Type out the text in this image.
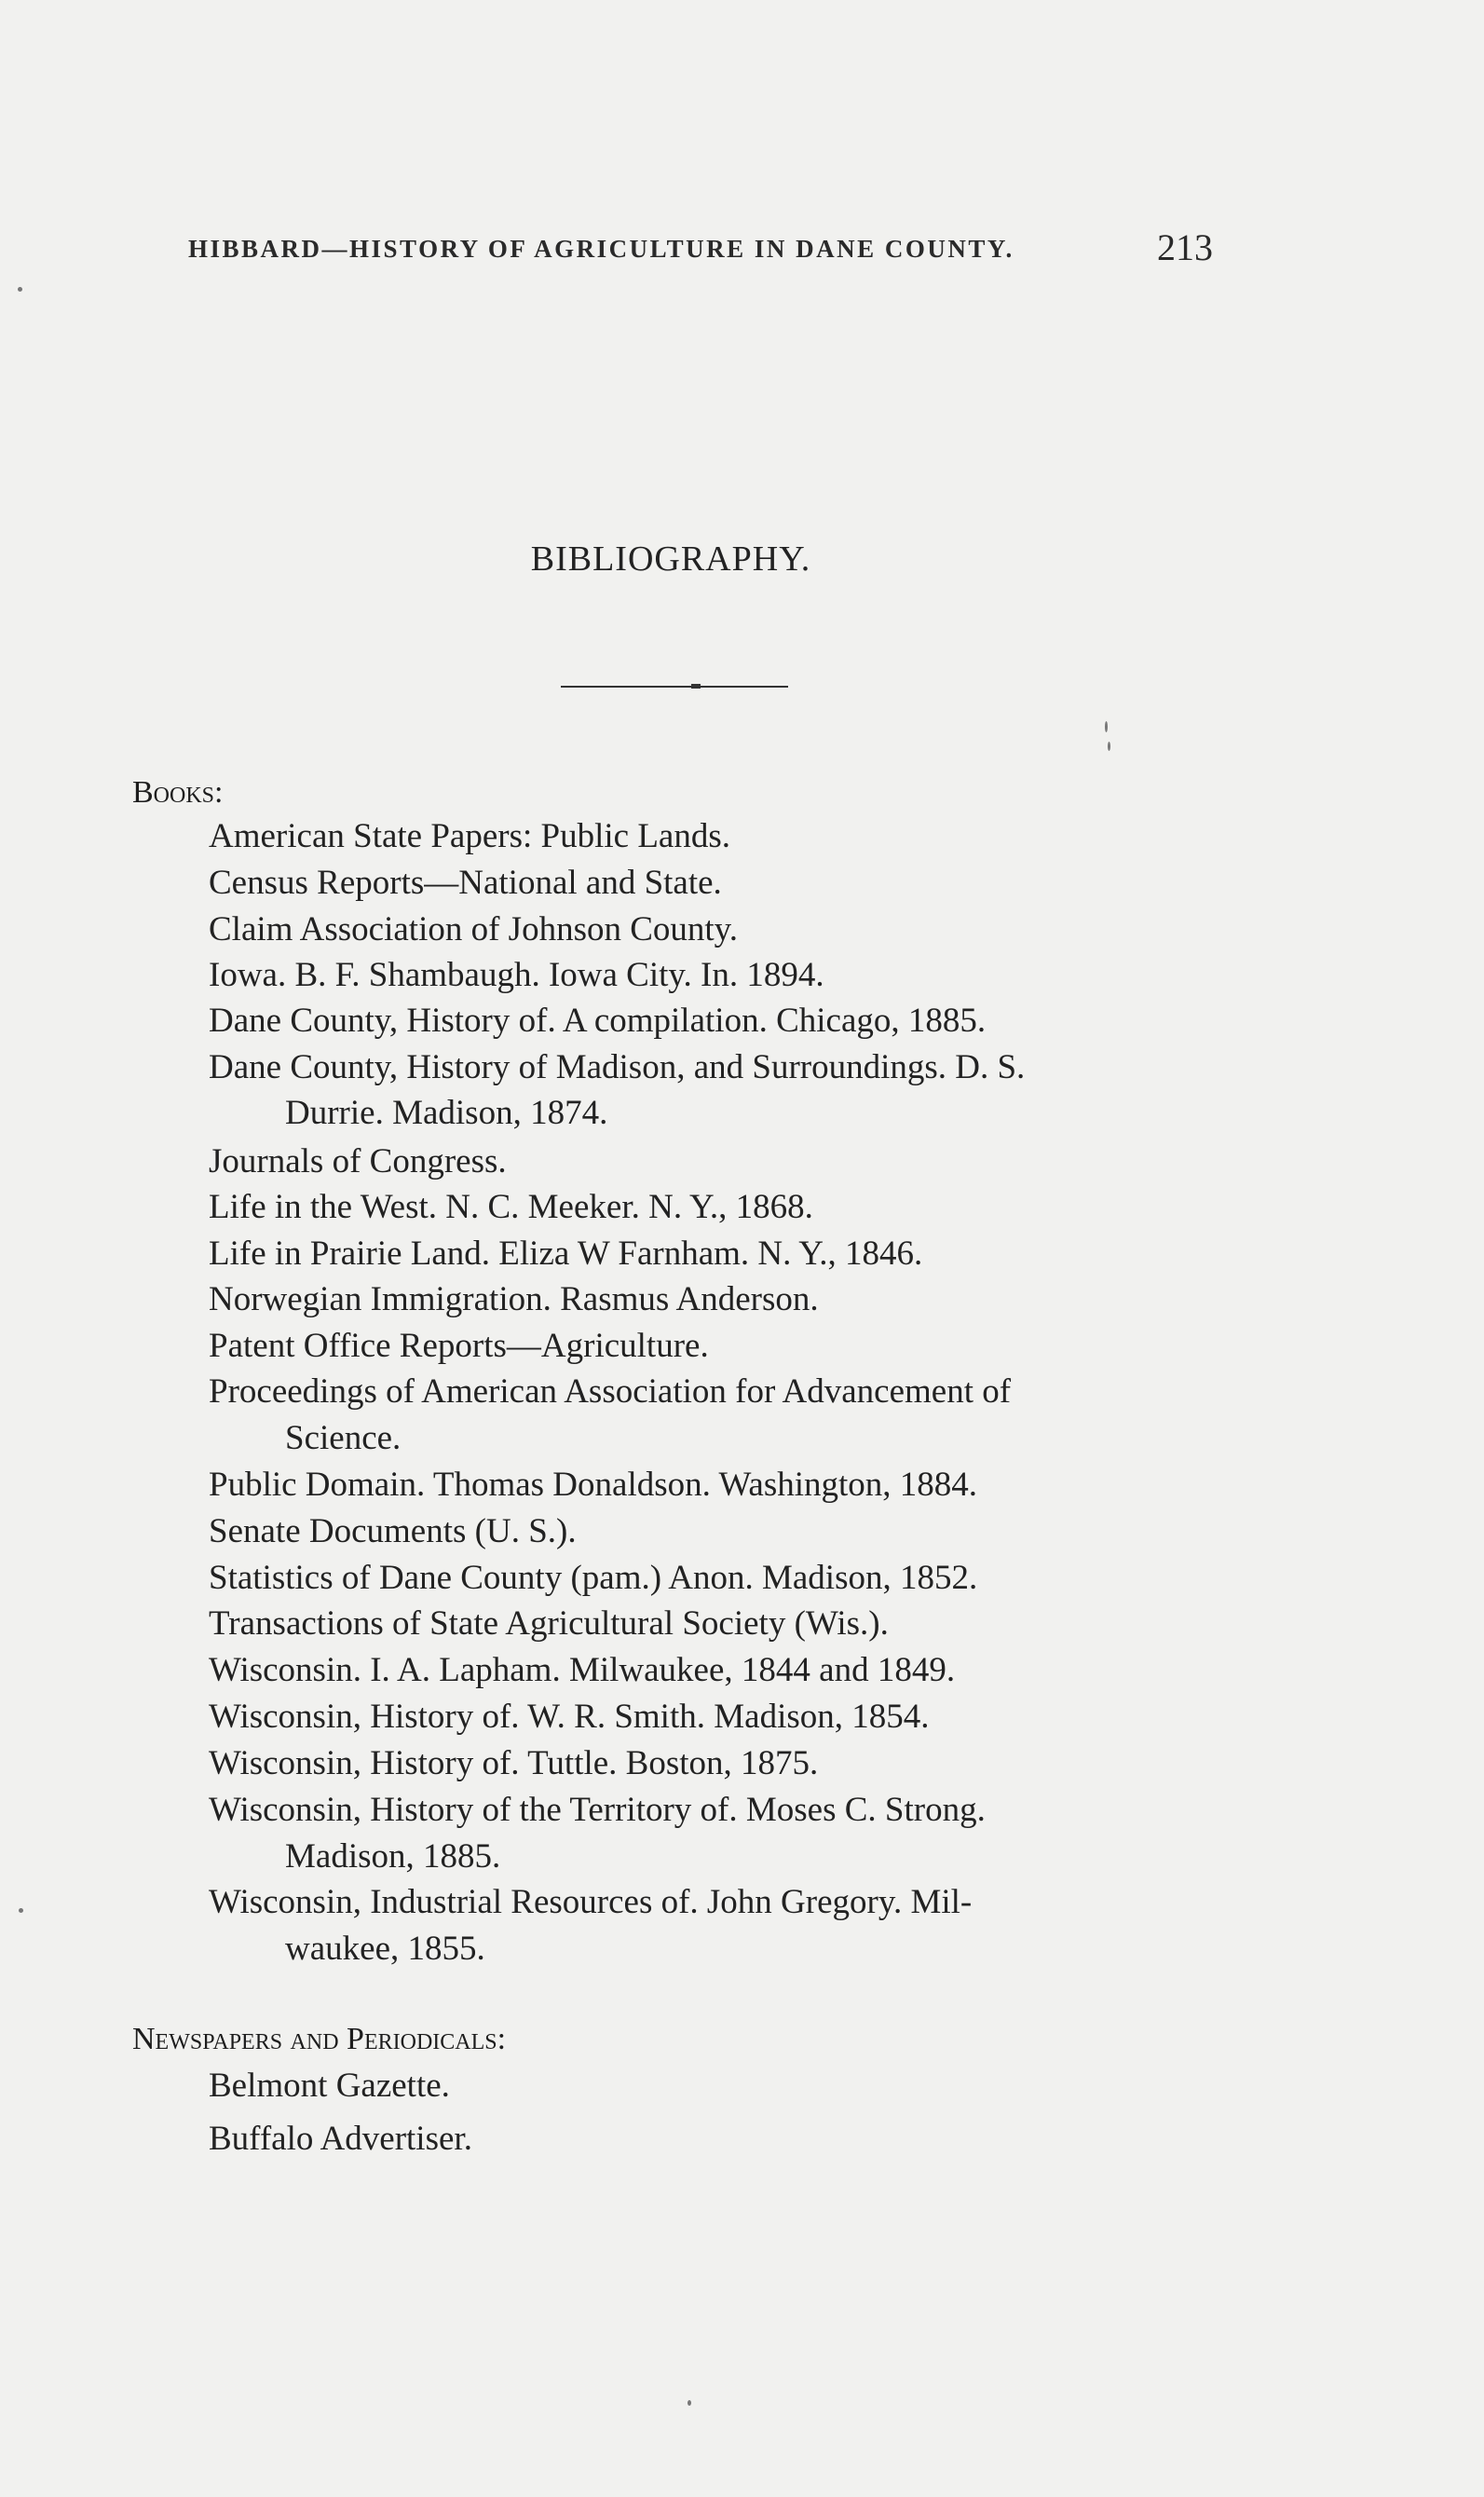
HIBBARD—HISTORY OF AGRICULTURE IN DANE COUNTY.	213
BIBLIOGRAPHY.
Books:
American State Papers: Public Lands.
Census Reports—National and State.
Claim Association of Johnson County.
Iowa. B. F. Shambaugh. Iowa City. In. 1894.
Dane County, History of. A compilation. Chicago, 1885.
Dane County, History of Madison, and Surroundings. D. S.
Durrie. Madison, 1874.
Journals of Congress.
Life in the West. N. C. Meeker. N. Y., 1868.
Life in Prairie Land. Eliza W Farnham. N. Y., 1846.
Norwegian Immigration. Rasmus Anderson.
Patent Office Reports—Agriculture.
Proceedings of American Association for Advancement of
Science.
Public Domain. Thomas Donaldson. Washington, 1884.
Senate Documents (U. S.).
Statistics of Dane County (pam.) Anon. Madison, 1852.
Transactions of State Agricultural Society (Wis.).
Wisconsin. I. A. Lapham. Milwaukee, 1844 and 1849.
Wisconsin, History of. W. R. Smith. Madison, 1854.
Wisconsin, History of. Tuttle. Boston, 1875.
Wisconsin, History of the Territory of. Moses C. Strong.
Madison, 1885.
Wisconsin, Industrial Resources of. John Gregory. Mil-
waukee, 1855.
Newspapers and Periodicals:
Belmont Gazette.
Buffalo Advertiser.
